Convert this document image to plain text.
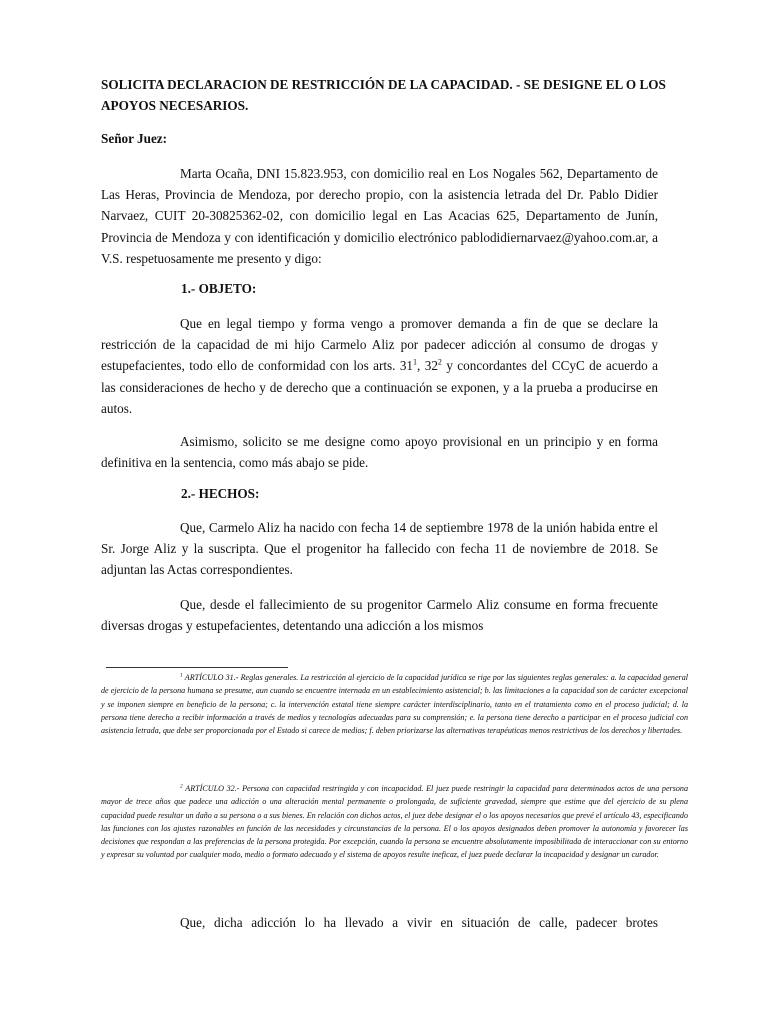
SOLICITA DECLARACION DE RESTRICCIÓN DE LA CAPACIDAD. - SE DESIGNE EL O LOS APOYOS NECESARIOS.

Señor Juez:

Marta Ocaña, DNI 15.823.953, con domicilio real en Los Nogales 562, Departamento de Las Heras, Provincia de Mendoza, por derecho propio, con la asistencia letrada del Dr. Pablo Didier Narvaez, CUIT 20-30825362-02, con domicilio legal en Las Acacias 625, Departamento de Junín, Provincia de Mendoza y con identificación y domicilio electrónico pablodidiernarvaez@yahoo.com.ar, a V.S. respetuosamente me presento y digo:

1.- OBJETO:

Que en legal tiempo y forma vengo a promover demanda a fin de que se declare la restricción de la capacidad de mi hijo Carmelo Aliz por padecer adicción al consumo de drogas y estupefacientes, todo ello de conformidad con los arts. $31^1$, $32^2$ y concordantes del CCyC de acuerdo a las consideraciones de hecho y de derecho que a continuación se exponen, y a la prueba a producirse en autos.

Asimismo, solicito se me designe como apoyo provisional en un principio y en forma definitiva en la sentencia, como más abajo se pide.

2.- HECHOS:

Que, Carmelo Aliz ha nacido con fecha 14 de septiembre 1978 de la unión habida entre el Sr. Jorge Aliz y la suscripta. Que el progenitor ha fallecido con fecha 11 de noviembre de 2018. Se adjuntan las Actas correspondientes.

Que, desde el fallecimiento de su progenitor Carmelo Aliz consume en forma frecuente diversas drogas y estupefacientes, detentando una adicción a los mismos

$^1$ ARTÍCULO 31.- Reglas generales. La restricción al ejercicio de la capacidad jurídica se rige por las siguientes reglas generales: a. la capacidad general de ejercicio de la persona humana se presume, aun cuando se encuentre internada en un establecimiento asistencial; b. las limitaciones a la capacidad son de carácter excepcional y se imponen siempre en beneficio de la persona; c. la intervención estatal tiene siempre carácter interdisciplinario, tanto en el tratamiento como en el proceso judicial; d. la persona tiene derecho a recibir información a través de medios y tecnologías adecuadas para su comprensión; e. la persona tiene derecho a participar en el proceso judicial con asistencia letrada, que debe ser proporcionada por el Estado si carece de medios; f. deben priorizarse las alternativas terapéuticas menos restrictivas de los derechos y libertades.

$^2$ ARTÍCULO 32.- Persona con capacidad restringida y con incapacidad. El juez puede restringir la capacidad para determinados actos de una persona mayor de trece años que padece una adicción o una alteración mental permanente o prolongada, de suficiente gravedad, siempre que estime que del ejercicio de su plena capacidad puede resultar un daño a su persona o a sus bienes. En relación con dichos actos, el juez debe designar el o los apoyos necesarios que prevé el artículo 43, especificando las funciones con los ajustes razonables en función de las necesidades y circunstancias de la persona. El o los apoyos designados deben promover la autonomía y favorecer las decisiones que respondan a las preferencias de la persona protegida. Por excepción, cuando la persona se encuentre absolutamente imposibilitada de interaccionar con su entorno y expresar su voluntad por cualquier modo, medio o formato adecuado y el sistema de apoyos resulte ineficaz, el juez puede declarar la incapacidad y designar un curador.

Que, dicha adicción lo ha llevado a vivir en situación de calle, padecer brotes
